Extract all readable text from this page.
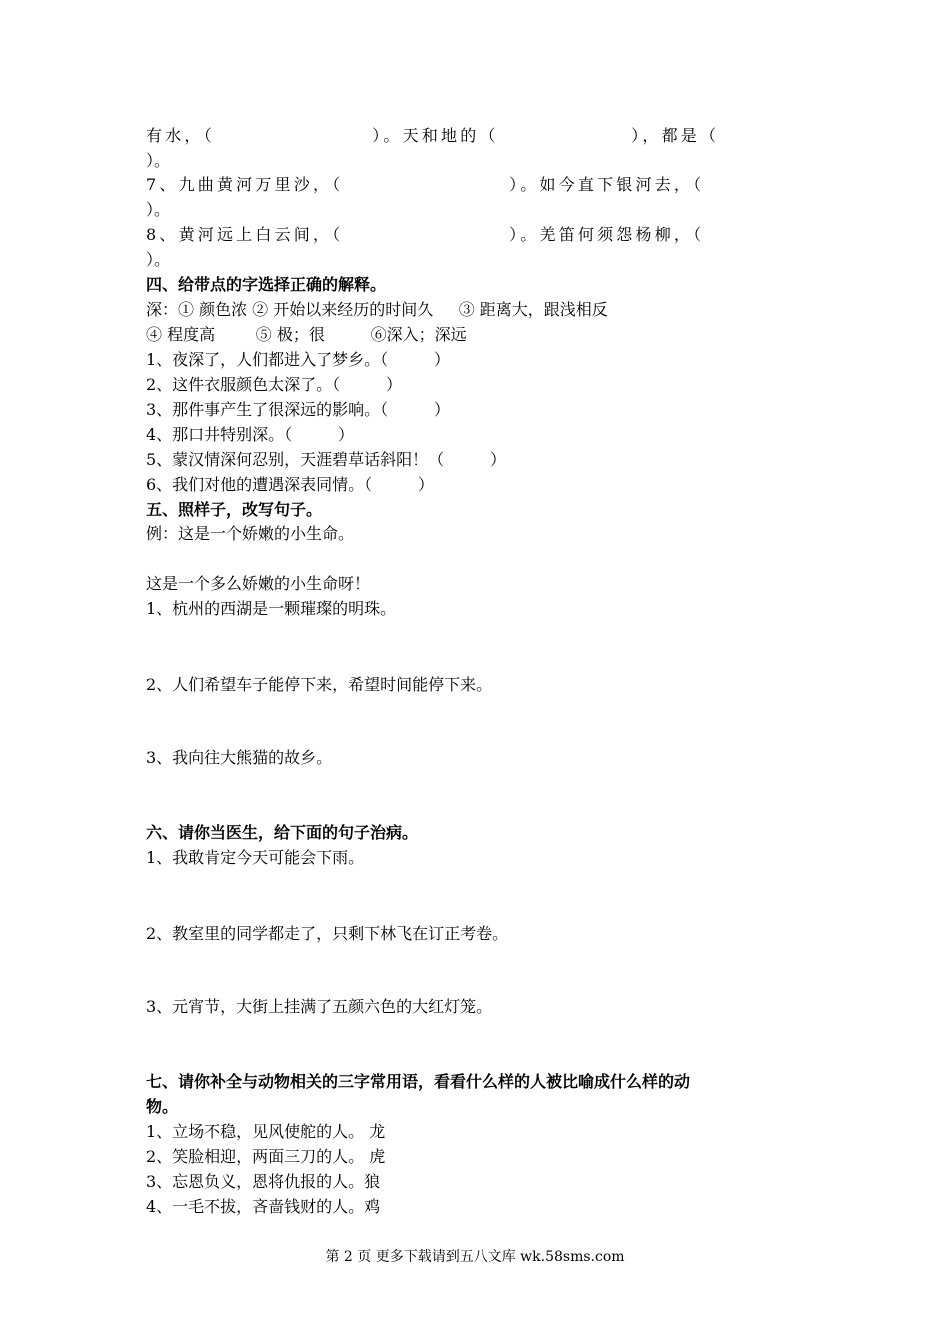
有水，（                   ）。天和地的（                ），都是（
）。
7、九曲黄河万里沙，（                    ）。如今直下银河去，（
）。
8、黄河远上白云间，（                    ）。羌笛何须怨杨柳，（
）。
四、给带点的字选择正确的解释。
深：① 颜色浓 ② 开始以来经历的时间久     ③ 距离大，跟浅相反
④ 程度高        ⑤ 极；很         ⑥深入；深远
1、夜深了，人们都进入了梦乡。（         ）
2、这件衣服颜色太深了。（         ）
3、那件事产生了很深远的影响。（         ）
4、那口井特别深。（         ）
5、蒙汉情深何忍别，天涯碧草话斜阳！（         ）
6、我们对他的遭遇深表同情。（         ）
五、照样子，改写句子。
例：这是一个娇嫩的小生命。
这是一个多么娇嫩的小生命呀！
1、杭州的西湖是一颗璀璨的明珠。
2、人们希望车子能停下来，希望时间能停下来。
3、我向往大熊猫的故乡。
六、请你当医生，给下面的句子治病。
1、我敢肯定今天可能会下雨。
2、教室里的同学都走了，只剩下林飞在订正考卷。
3、元宵节，大街上挂满了五颜六色的大红灯笼。
七、请你补全与动物相关的三字常用语，看看什么样的人被比喻成什么样的动
物。
1、立场不稳，见风使舵的人。 龙
2、笑脸相迎，两面三刀的人。 虎
3、忘恩负义，恩将仇报的人。狼
4、一毛不拔，吝啬钱财的人。鸡
第 2 页 更多下载请到五八文库 wk.58sms.com
